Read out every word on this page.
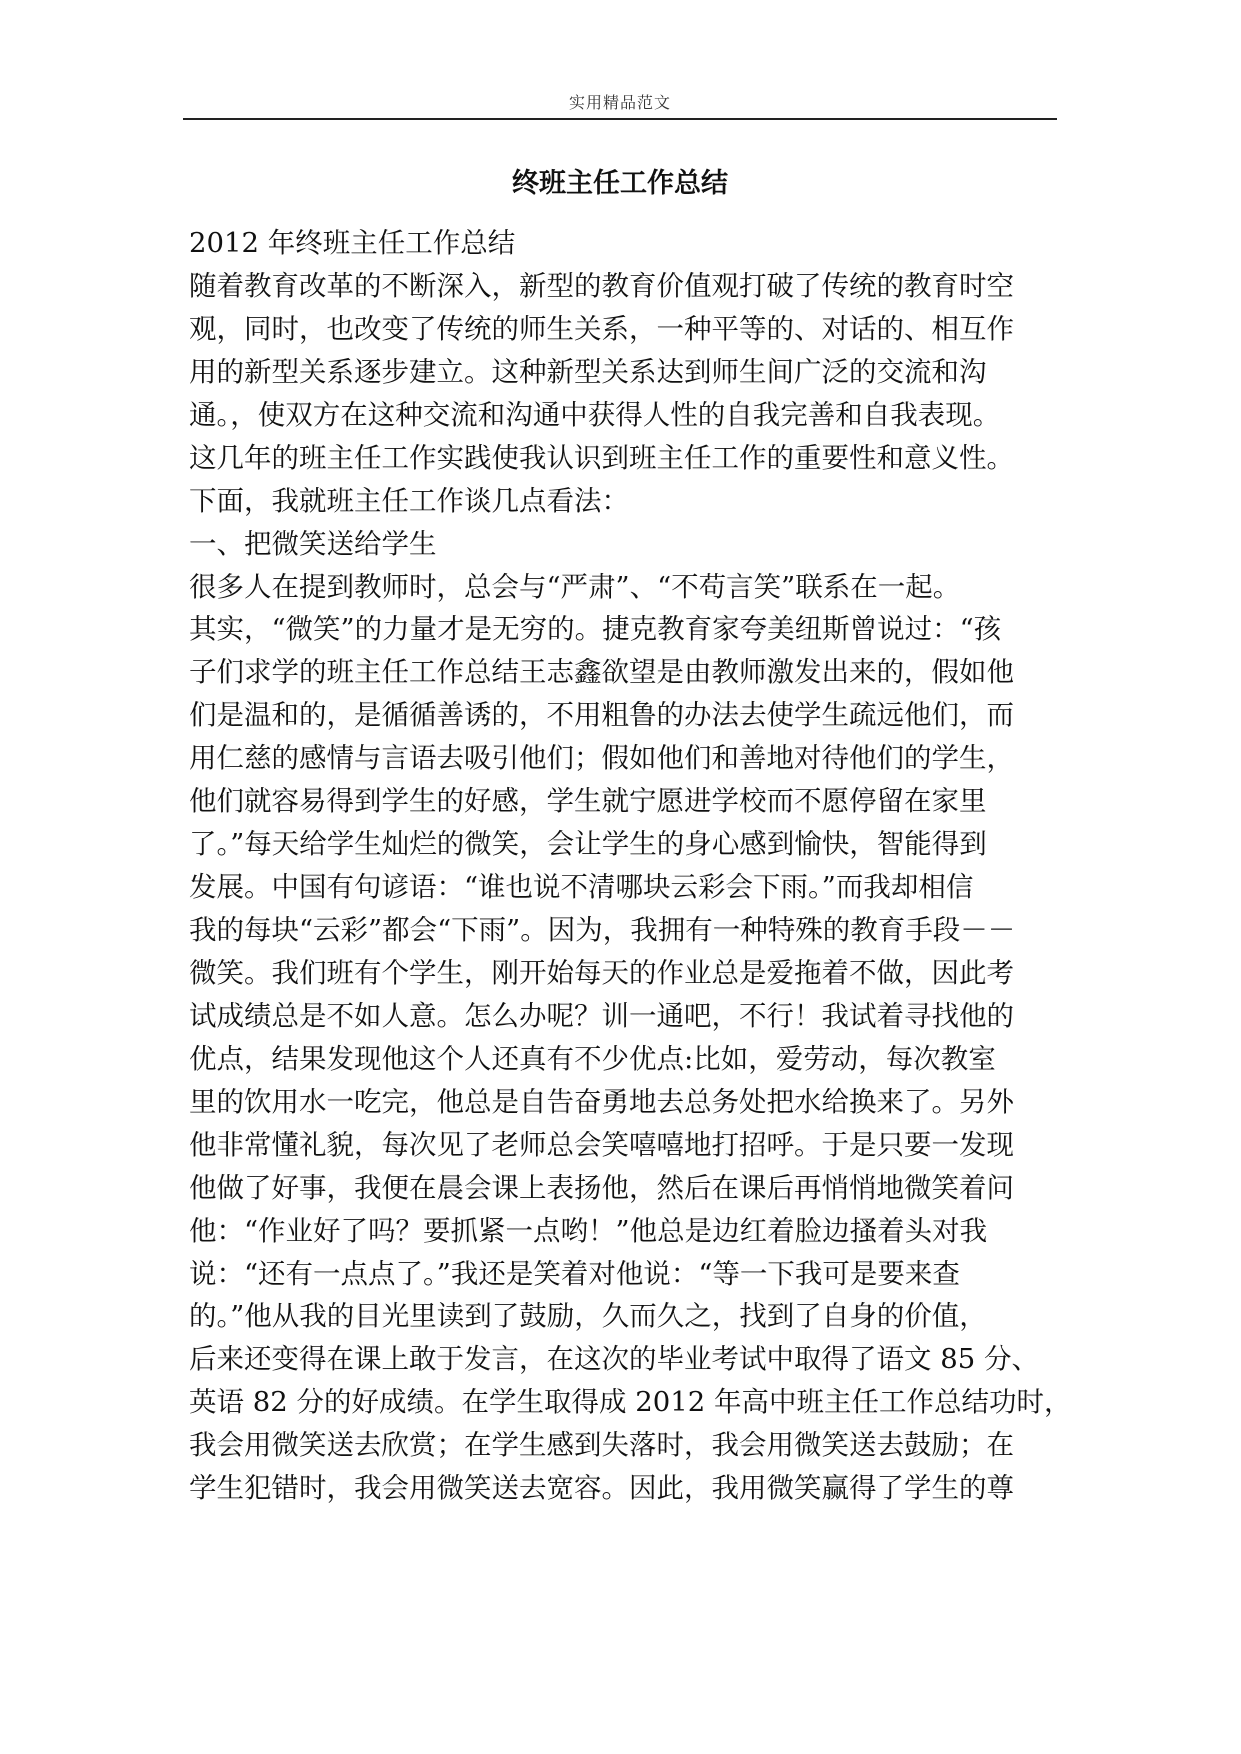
实用精品范文
终班主任工作总结
2012 年终班主任工作总结
随着教育改革的不断深入，新型的教育价值观打破了传统的教育时空
观，同时，也改变了传统的师生关系，一种平等的、对话的、相互作
用的新型关系逐步建立。这种新型关系达到师生间广泛的交流和沟
通。，使双方在这种交流和沟通中获得人性的自我完善和自我表现。
这几年的班主任工作实践使我认识到班主任工作的重要性和意义性。
下面，我就班主任工作谈几点看法：
一、把微笑送给学生
很多人在提到教师时，总会与“严肃”、“不苟言笑”联系在一起。
其实，“微笑”的力量才是无穷的。捷克教育家夸美纽斯曾说过：“孩
子们求学的班主任工作总结王志鑫欲望是由教师激发出来的，假如他
们是温和的，是循循善诱的，不用粗鲁的办法去使学生疏远他们，而
用仁慈的感情与言语去吸引他们；假如他们和善地对待他们的学生，
他们就容易得到学生的好感，学生就宁愿进学校而不愿停留在家里
了。”每天给学生灿烂的微笑，会让学生的身心感到愉快，智能得到
发展。中国有句谚语：“谁也说不清哪块云彩会下雨。”而我却相信
我的每块“云彩”都会“下雨”。因为，我拥有一种特殊的教育手段－－
微笑。我们班有个学生，刚开始每天的作业总是爱拖着不做，因此考
试成绩总是不如人意。怎么办呢？训一通吧，不行！我试着寻找他的
优点，结果发现他这个人还真有不少优点:比如，爱劳动，每次教室
里的饮用水一吃完，他总是自告奋勇地去总务处把水给换来了。另外
他非常懂礼貌，每次见了老师总会笑嘻嘻地打招呼。于是只要一发现
他做了好事，我便在晨会课上表扬他，然后在课后再悄悄地微笑着问
他：“作业好了吗？要抓紧一点哟！”他总是边红着脸边搔着头对我
说：“还有一点点了。”我还是笑着对他说：“等一下我可是要来查
的。”他从我的目光里读到了鼓励，久而久之，找到了自身的价值，
后来还变得在课上敢于发言，在这次的毕业考试中取得了语文 85 分、
英语 82 分的好成绩。在学生取得成 2012 年高中班主任工作总结功时，
我会用微笑送去欣赏；在学生感到失落时，我会用微笑送去鼓励；在
学生犯错时，我会用微笑送去宽容。因此，我用微笑赢得了学生的尊
